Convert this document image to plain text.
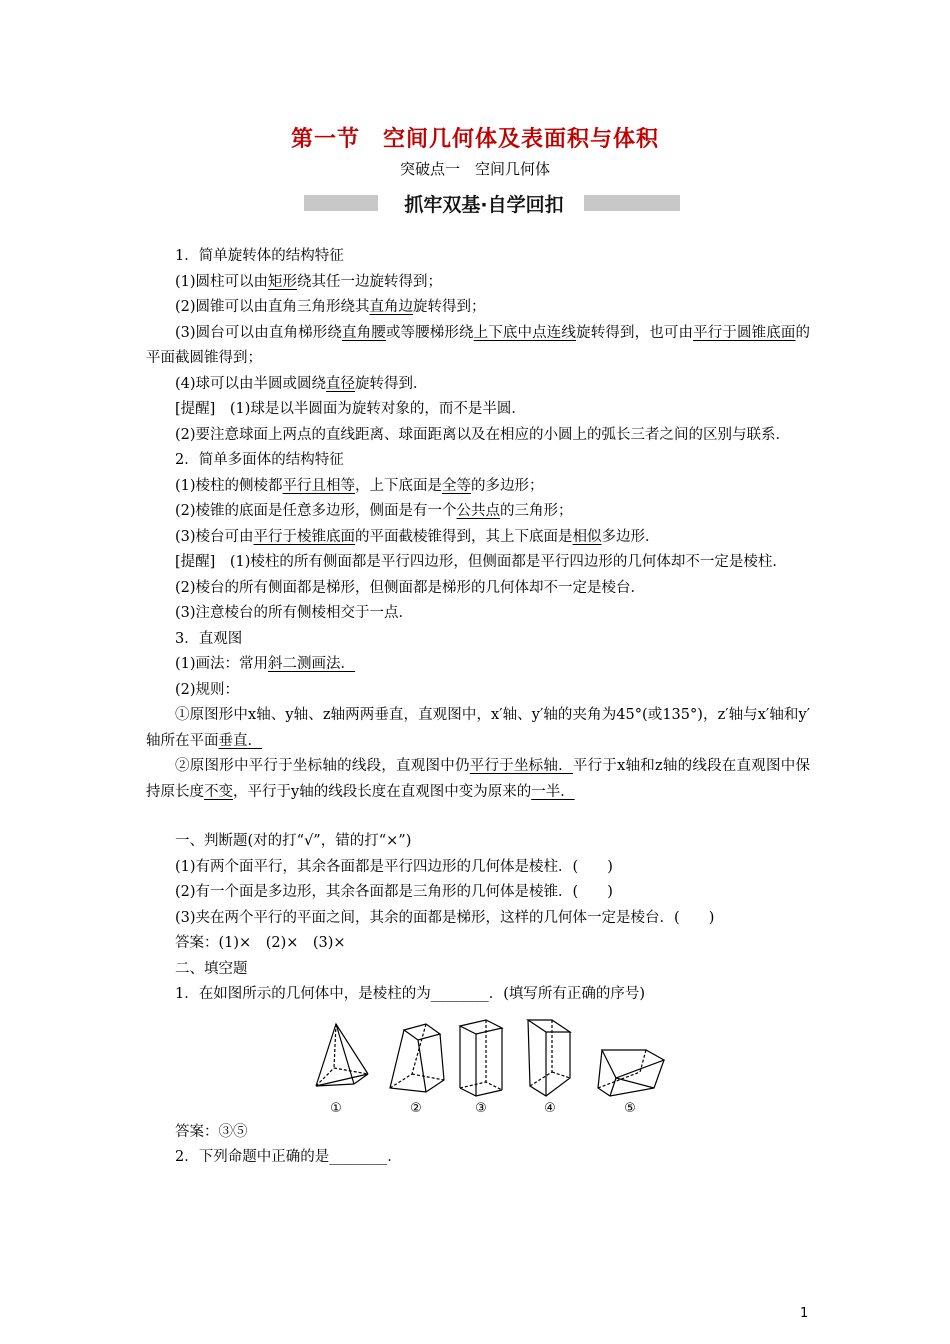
第一节　空间几何体及表面积与体积
突破点一　空间几何体
抓牢双基·自学回扣

1．简单旋转体的结构特征

(1)圆柱可以由矩形绕其任一边旋转得到；

(2)圆锥可以由直角三角形绕其直角边旋转得到；

(3)圆台可以由直角梯形绕直角腰或等腰梯形绕上下底中点连线旋转得到，也可由平行于圆锥底面的平面截圆锥得到；

(4)球可以由半圆或圆绕直径旋转得到．

[提醒]　(1)球是以半圆面为旋转对象的，而不是半圆．

(2)要注意球面上两点的直线距离、球面距离以及在相应的小圆上的弧长三者之间的区别与联系．

2．简单多面体的结构特征

(1)棱柱的侧棱都平行且相等，上下底面是全等的多边形；

(2)棱锥的底面是任意多边形，侧面是有一个公共点的三角形；

(3)棱台可由平行于棱锥底面的平面截棱锥得到，其上下底面是相似多边形．

[提醒]　(1)棱柱的所有侧面都是平行四边形，但侧面都是平行四边形的几何体却不一定是棱柱．

(2)棱台的所有侧面都是梯形，但侧面都是梯形的几何体却不一定是棱台．

(3)注意棱台的所有侧棱相交于一点．

3．直观图

(1)画法：常用斜二测画法．

(2)规则：

①原图形中x轴、y轴、z轴两两垂直，直观图中，x′轴、y′轴的夹角为45°(或135°)，z′轴与x′轴和y′轴所在平面垂直．

②原图形中平行于坐标轴的线段，直观图中仍平行于坐标轴．平行于x轴和z轴的线段在直观图中保持原长度不变，平行于y轴的线段长度在直观图中变为原来的一半．

一、判断题(对的打“√”，错的打“×”)

(1)有两个面平行，其余各面都是平行四边形的几何体是棱柱．(　　)

(2)有一个面是多边形，其余各面都是三角形的几何体是棱锥．(　　)

(3)夹在两个平行的平面之间，其余的面都是梯形，这样的几何体一定是棱台．(　　)

答案：(1)×　(2)×　(3)×

二、填空题

1．在如图所示的几何体中，是棱柱的为________．(填写所有正确的序号)

①	②	③	④	⑤

答案：③⑤

2．下列命题中正确的是________．

1
